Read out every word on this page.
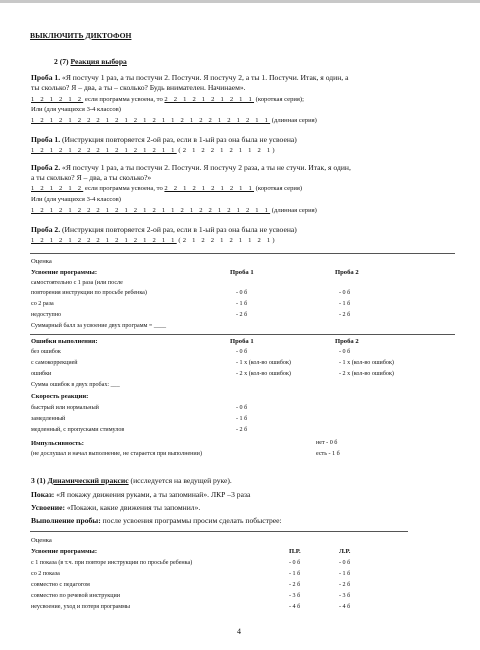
ВЫКЛЮЧИТЬ ДИКТОФОН
2 (7) Реакция выбора
Проба 1. «Я постучу 1 раз, а ты постучи 2. Постучи. Я постучу 2, а ты 1. Постучи. Итак, я один, а
ты сколько? Я – два, а ты – сколько? Будь внимателен. Начинаем».
1 2 1 2 1 2 если программа усвоена, то 2 2 1 2 1 2 1 2 1 1 (короткая серия);
Или (для учащихся 3-4 классов)
1 2 1 2 1 2 2 2 1 2 1 2 1 2 1 1 2 1 2 2 1 2 1 2 1 1 (длинная серия)
Проба 1. (Инструкция повторяется 2-ой раз, если в 1-ый раз она была не усвоена)
1 2 1 2 1 2 2 2 1 2 1 2 1 2 1 1 (2 1 2 2 1 2 1 1 2 1)
Проба 2. «Я постучу 1 раз, а ты постучи 2. Постучи. Я постучу 2 раза, а ты не стучи. Итак, я один,
а ты сколько? Я – два, а ты сколько?»
1 2 1 2 1 2 если программа усвоена, то 2 2 1 2 1 2 1 2 1 1 (короткая серия)
Или (для учащихся 3-4 классов)
1 2 1 2 1 2 2 2 1 2 1 2 1 2 1 1 2 1 2 2 1 2 1 2 1 1 (длинная серия)
Проба 2. (Инструкция повторяется 2-ой раз, если в 1-ый раз она была не усвоена)
1 2 1 2 1 2 2 2 1 2 1 2 1 2 1 1 (2 1 2 2 1 2 1 1 2 1)
Оценка
Усвоение программы:	Проба 1	Проба 2
самостоятельно с 1 раза (или после
повторения инструкции по просьбе ребенка)	- 0 б	- 0 б
со 2 раза	- 1 б	- 1 б
недоступно	- 2 б	- 2 б
Суммарный балл за усвоение двух программ = ____
Ошибки выполнения:	Проба 1	Проба 2
без ошибок	- 0 б	- 0 б
с самокоррекцией	- 1 х (кол-во ошибок)	- 1 х (кол-во ошибок)
ошибки	- 2 х (кол-во ошибок)	- 2 х (кол-во ошибок)
Сумма ошибок в двух пробах: ___
Скорость реакции:
быстрый или нормальный	- 0 б
замедленный	- 1 б
медленный, с пропусками стимулов	- 2 б
Импульсивность:	нет - 0 б
(не дослушал и начал выполнение, не старается при выполнении)	есть - 1 б
3 (1) Динамический праксис (исследуется на ведущей руке).
Показ: «Я покажу движения руками, а ты запоминай». ЛКР –3 раза
Усвоение: «Покажи, какие движения ты запомнил».
Выполнение пробы: после усвоения программы просим сделать побыстрее:
Оценка
Усвоение программы:	П.Р.	Л.Р.
с 1 показа (в т.ч. при повторе инструкции по просьбе ребенка)	- 0 б	- 0 б
со 2 показа	- 1 б	- 1 б
совместно с педагогом	- 2 б	- 2 б
совместно по речевой инструкции	- 3 б	- 3 б
неусвоение, уход и потеря программы	- 4 б	- 4 б
4
